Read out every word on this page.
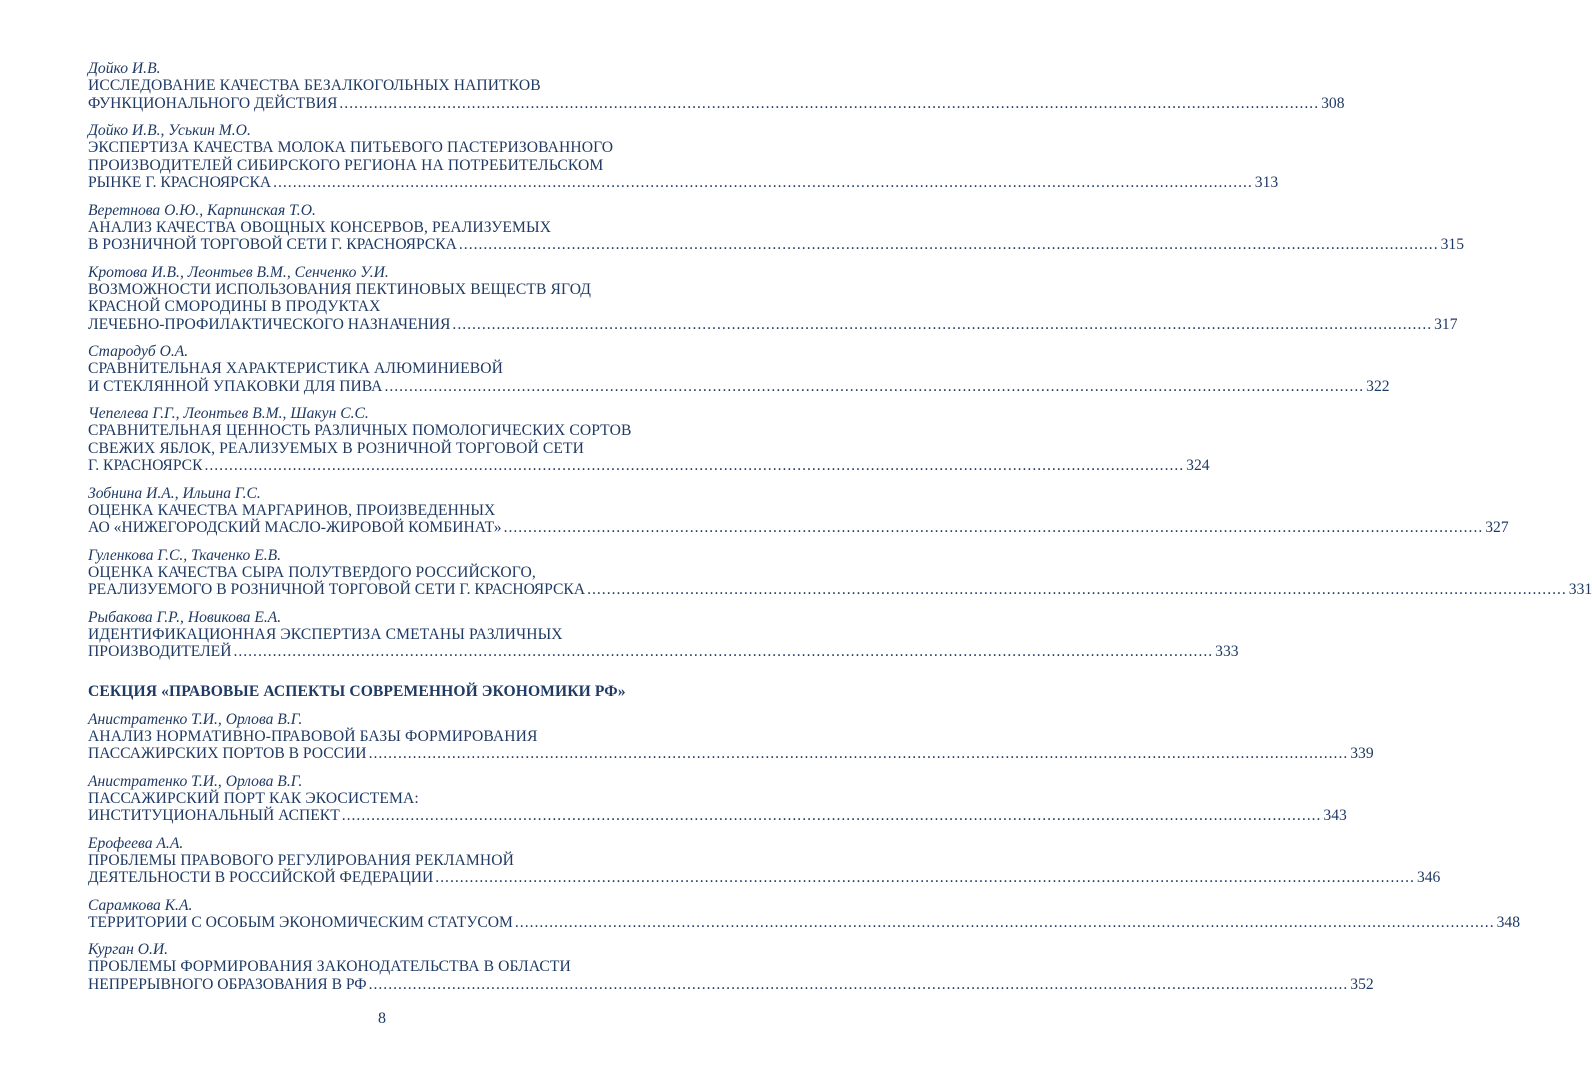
Дойко И.В.
ИССЛЕДОВАНИЕ КАЧЕСТВА БЕЗАЛКОГОЛЬНЫХ НАПИТКОВ
ФУНКЦИОНАЛЬНОГО ДЕЙСТВИЯ ........................................................................................................................................................................................................ 308
Дойко И.В., Уськин М.О.
ЭКСПЕРТИЗА КАЧЕСТВА МОЛОКА ПИТЬЕВОГО ПАСТЕРИЗОВАННОГО
ПРОИЗВОДИТЕЛЕЙ СИБИРСКОГО РЕГИОНА НА ПОТРЕБИТЕЛЬСКОМ
РЫНКЕ Г. КРАСНОЯРСКА ........................................................................................................................................................................................................ 313
Веретнова О.Ю., Карпинская Т.О.
АНАЛИЗ КАЧЕСТВА ОВОЩНЫХ КОНСЕРВОВ, РЕАЛИЗУЕМЫХ
В РОЗНИЧНОЙ ТОРГОВОЙ СЕТИ Г. КРАСНОЯРСКА ........................................................................................................................................................................................................ 315
Кротова И.В., Леонтьев В.М., Сенченко У.И.
ВОЗМОЖНОСТИ ИСПОЛЬЗОВАНИЯ ПЕКТИНОВЫХ ВЕЩЕСТВ ЯГОД
КРАСНОЙ СМОРОДИНЫ В ПРОДУКТАХ
ЛЕЧЕБНО-ПРОФИЛАКТИЧЕСКОГО НАЗНАЧЕНИЯ ........................................................................................................................................................................................................ 317
Стародуб О.А.
СРАВНИТЕЛЬНАЯ ХАРАКТЕРИСТИКА АЛЮМИНИЕВОЙ
И СТЕКЛЯННОЙ УПАКОВКИ ДЛЯ ПИВА ........................................................................................................................................................................................................ 322
Чепелева Г.Г., Леонтьев В.М., Шакун С.С.
СРАВНИТЕЛЬНАЯ ЦЕННОСТЬ РАЗЛИЧНЫХ ПОМОЛОГИЧЕСКИХ СОРТОВ
СВЕЖИХ ЯБЛОК, РЕАЛИЗУЕМЫХ В РОЗНИЧНОЙ ТОРГОВОЙ СЕТИ
Г. КРАСНОЯРСК ........................................................................................................................................................................................................ 324
Зобнина И.А., Ильина Г.С.
ОЦЕНКА КАЧЕСТВА МАРГАРИНОВ, ПРОИЗВЕДЕННЫХ
АО «НИЖЕГОРОДСКИЙ МАСЛО-ЖИРОВОЙ КОМБИНАТ» ........................................................................................................................................................................................................ 327
Гуленкова Г.С., Ткаченко Е.В.
ОЦЕНКА КАЧЕСТВА СЫРА ПОЛУТВЕРДОГО РОССИЙСКОГО,
РЕАЛИЗУЕМОГО В РОЗНИЧНОЙ ТОРГОВОЙ СЕТИ Г. КРАСНОЯРСКА ........................................................................................................................................................................................................ 331
Рыбакова Г.Р., Новикова Е.А.
ИДЕНТИФИКАЦИОННАЯ ЭКСПЕРТИЗА СМЕТАНЫ РАЗЛИЧНЫХ
ПРОИЗВОДИТЕЛЕЙ ........................................................................................................................................................................................................ 333
СЕКЦИЯ «ПРАВОВЫЕ АСПЕКТЫ СОВРЕМЕННОЙ ЭКОНОМИКИ РФ»
Анистратенко Т.И., Орлова В.Г.
АНАЛИЗ НОРМАТИВНО-ПРАВОВОЙ БАЗЫ ФОРМИРОВАНИЯ
ПАССАЖИРСКИХ ПОРТОВ В РОССИИ ........................................................................................................................................................................................................ 339
Анистратенко Т.И., Орлова В.Г.
ПАССАЖИРСКИЙ ПОРТ КАК ЭКОСИСТЕМА:
ИНСТИТУЦИОНАЛЬНЫЙ АСПЕКТ ........................................................................................................................................................................................................ 343
Ерофеева А.А.
ПРОБЛЕМЫ ПРАВОВОГО РЕГУЛИРОВАНИЯ РЕКЛАМНОЙ
ДЕЯТЕЛЬНОСТИ В РОССИЙСКОЙ ФЕДЕРАЦИИ ........................................................................................................................................................................................................ 346
Сарамкова К.А.
ТЕРРИТОРИИ С ОСОБЫМ ЭКОНОМИЧЕСКИМ СТАТУСОМ ........................................................................................................................................................................................................ 348
Курган О.И.
ПРОБЛЕМЫ ФОРМИРОВАНИЯ ЗАКОНОДАТЕЛЬСТВА В ОБЛАСТИ
НЕПРЕРЫВНОГО ОБРАЗОВАНИЯ В РФ ........................................................................................................................................................................................................ 352
8
